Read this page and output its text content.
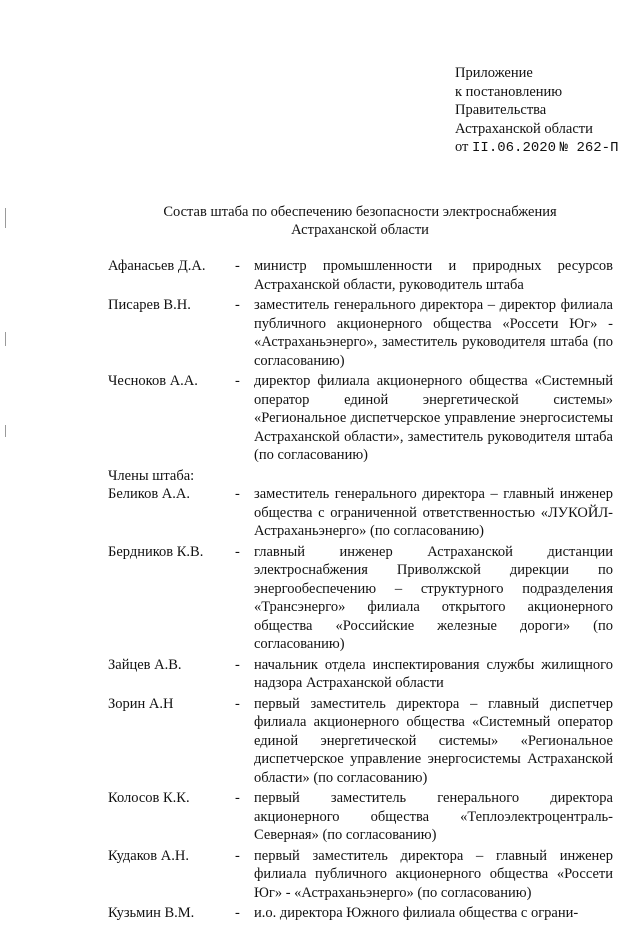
Приложение
к постановлению
Правительства
Астраханской области
от II.06.2020 № 262-П
Состав штаба по обеспечению безопасности электроснабжения
Астраханской области
Афанасьев Д.А. - министр промышленности и природных ресурсов Астраханской области, руководитель штаба
Писарев В.Н.	- заместитель генерального директора – директор филиала публичного акционерного общества «Россети Юг» - «Астраханьэнерго», заместитель руководителя штаба (по согласованию)
Чесноков А.А.	- директор филиала акционерного общества «Системный оператор единой энергетической системы» «Региональное диспетчерское управление энергосистемы Астраханской области», заместитель руководителя штаба (по согласованию)
Члены штаба:
Беликов А.А.	- заместитель генерального директора – главный инженер общества с ограниченной ответственностью «ЛУКОЙЛ-Астраханьэнерго» (по согласованию)
Бердников К.В. - главный инженер Астраханской дистанции электроснабжения Приволжской дирекции по энергообеспечению – структурного подразделения «Трансэнерго» филиала открытого акционерного общества «Российские железные дороги» (по согласованию)
Зайцев А.В.	- начальник отдела инспектирования службы жилищного надзора Астраханской области
Зорин А.Н	- первый заместитель директора – главный диспетчер филиала акционерного общества «Системный оператор единой энергетической системы» «Региональное диспетчерское управление энергосистемы Астраханской области» (по согласованию)
Колосов К.К.	- первый заместитель генерального директора акционерного общества «Теплоэлектроцентраль-Северная» (по согласованию)
Кудаков А.Н.	- первый заместитель директора – главный инженер филиала публичного акционерного общества «Россети Юг» - «Астраханьэнерго» (по согласованию)
Кузьмин В.М.	- и.о. директора Южного филиала общества с ограни-
